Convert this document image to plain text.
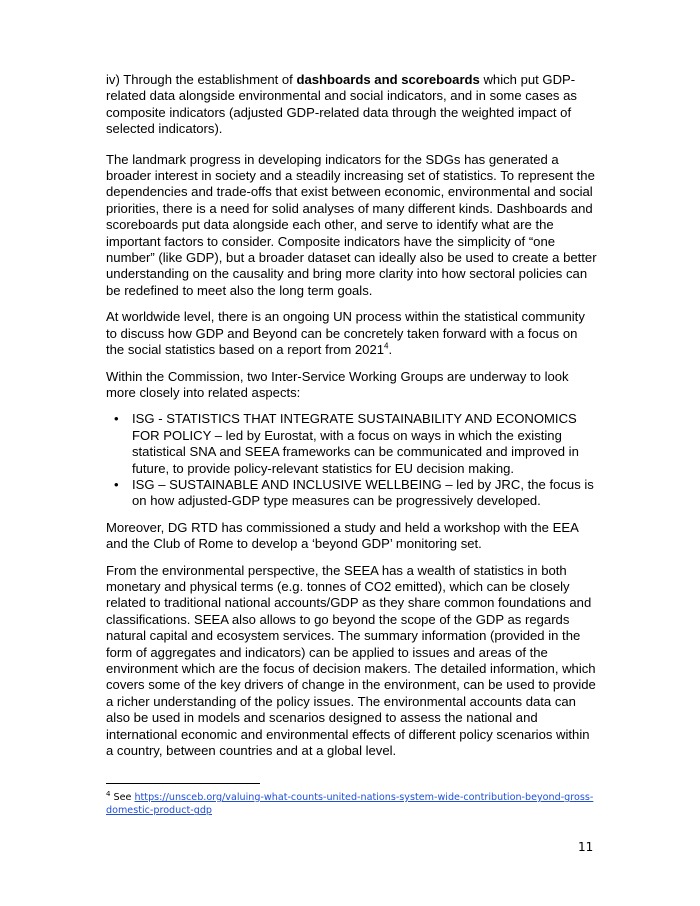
iv) Through the establishment of dashboards and scoreboards which put GDP-related data alongside environmental and social indicators, and in some cases as composite indicators (adjusted GDP-related data through the weighted impact of selected indicators).

The landmark progress in developing indicators for the SDGs has generated a broader interest in society and a steadily increasing set of statistics. To represent the dependencies and trade-offs that exist between economic, environmental and social priorities, there is a need for solid analyses of many different kinds. Dashboards and scoreboards put data alongside each other, and serve to identify what are the important factors to consider. Composite indicators have the simplicity of “one number” (like GDP), but a broader dataset can ideally also be used to create a better understanding on the causality and bring more clarity into how sectoral policies can be redefined to meet also the long term goals.

At worldwide level, there is an ongoing UN process within the statistical community to discuss how GDP and Beyond can be concretely taken forward with a focus on the social statistics based on a report from 2021$^4$.

Within the Commission, two Inter-Service Working Groups are underway to look more closely into related aspects:

• ISG - STATISTICS THAT INTEGRATE SUSTAINABILITY AND ECONOMICS FOR POLICY – led by Eurostat, with a focus on ways in which the existing statistical SNA and SEEA frameworks can be communicated and improved in future, to provide policy-relevant statistics for EU decision making.
• ISG – SUSTAINABLE AND INCLUSIVE WELLBEING – led by JRC, the focus is on how adjusted-GDP type measures can be progressively developed.

Moreover, DG RTD has commissioned a study and held a workshop with the EEA and the Club of Rome to develop a ‘beyond GDP’ monitoring set.

From the environmental perspective, the SEEA has a wealth of statistics in both monetary and physical terms (e.g. tonnes of CO2 emitted), which can be closely related to traditional national accounts/GDP as they share common foundations and classifications. SEEA also allows to go beyond the scope of the GDP as regards natural capital and ecosystem services. The summary information (provided in the form of aggregates and indicators) can be applied to issues and areas of the environment which are the focus of decision makers. The detailed information, which covers some of the key drivers of change in the environment, can be used to provide a richer understanding of the policy issues. The environmental accounts data can also be used in models and scenarios designed to assess the national and international economic and environmental effects of different policy scenarios within a country, between countries and at a global level.

$^4$ See https://unsceb.org/valuing-what-counts-united-nations-system-wide-contribution-beyond-gross-domestic-product-gdp
11
